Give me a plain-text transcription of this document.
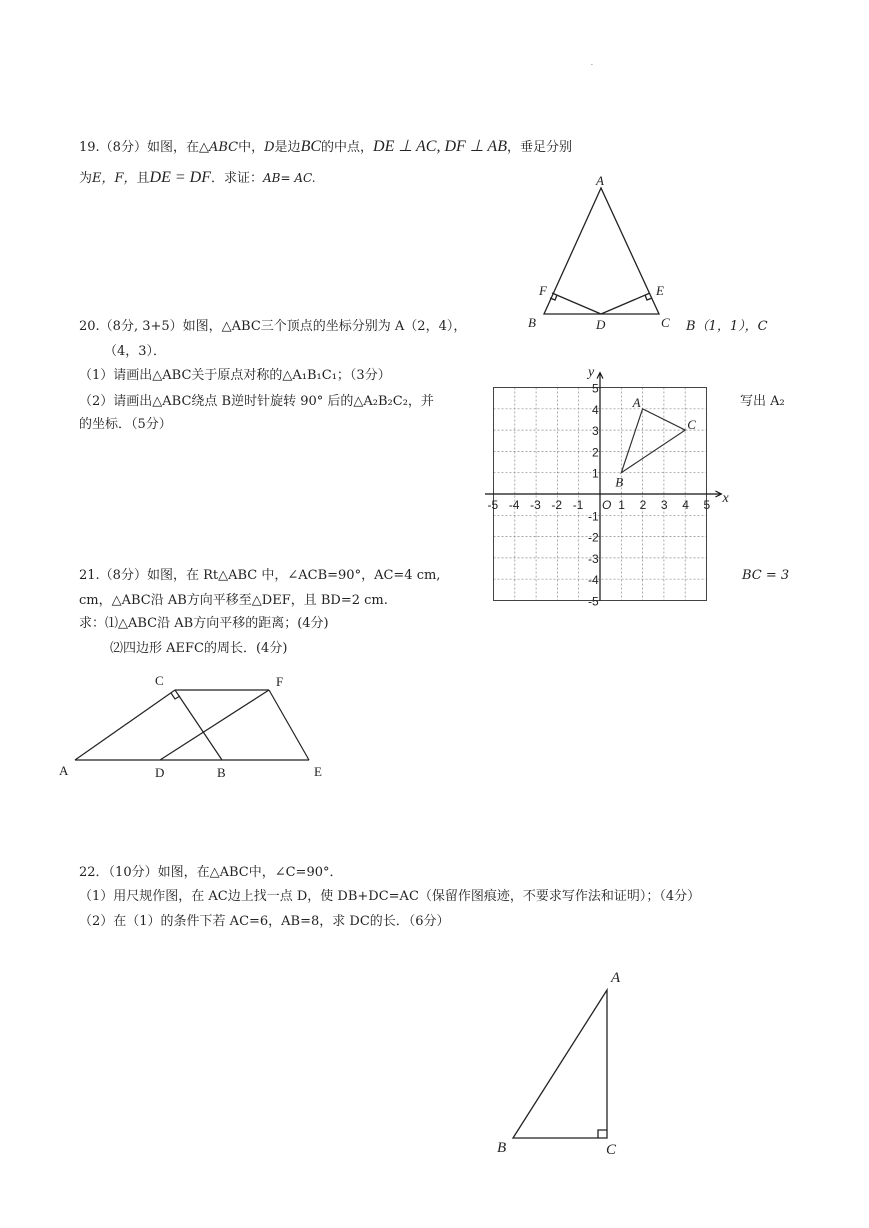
·
19.（8分）如图，在△ABC中，D是边BC的中点，DE ⊥ AC, DF ⊥ AB，垂足分别
为E，F，且DE = DF．求证：AB= AC.	A
B	C
D
E
F
20.（8分, 3+5）如图，△ABC三个顶点的坐标分别为 A（2，4），	B（1，1），C
（4，3）．
（1）请画出△ABC关于原点对称的△A₁B₁C₁；（3分）
（2）请画出△ABC绕点 B逆时针旋转 90° 后的△A₂B₂C₂，并	写出 A₂
的坐标．（5分）
-5 -4 -3 -2 -1 O 1 2 3 4 5
5
4
3
2
1
-1
-2
-3
-4
-5
x
y
A
B
C
21.（8分）如图，在 Rt△ABC 中，∠ACB=90°，AC=4 cm,	BC = 3
cm，△ABC沿 AB方向平移至△DEF，且 BD=2 cm.
求：⑴△ABC沿 AB方向平移的距离；(4分)
⑵四边形 AEFC的周长．(4分)
A	D	B	E
C	F
22．（10分）如图，在△ABC中，∠C=90°．
（1）用尺规作图，在 AC边上找一点 D，使 DB+DC=AC（保留作图痕迹，不要求写作法和证明）；（4分）
（2）在（1）的条件下若 AC=6，AB=8，求 DC的长．（6分）
A
B	C
